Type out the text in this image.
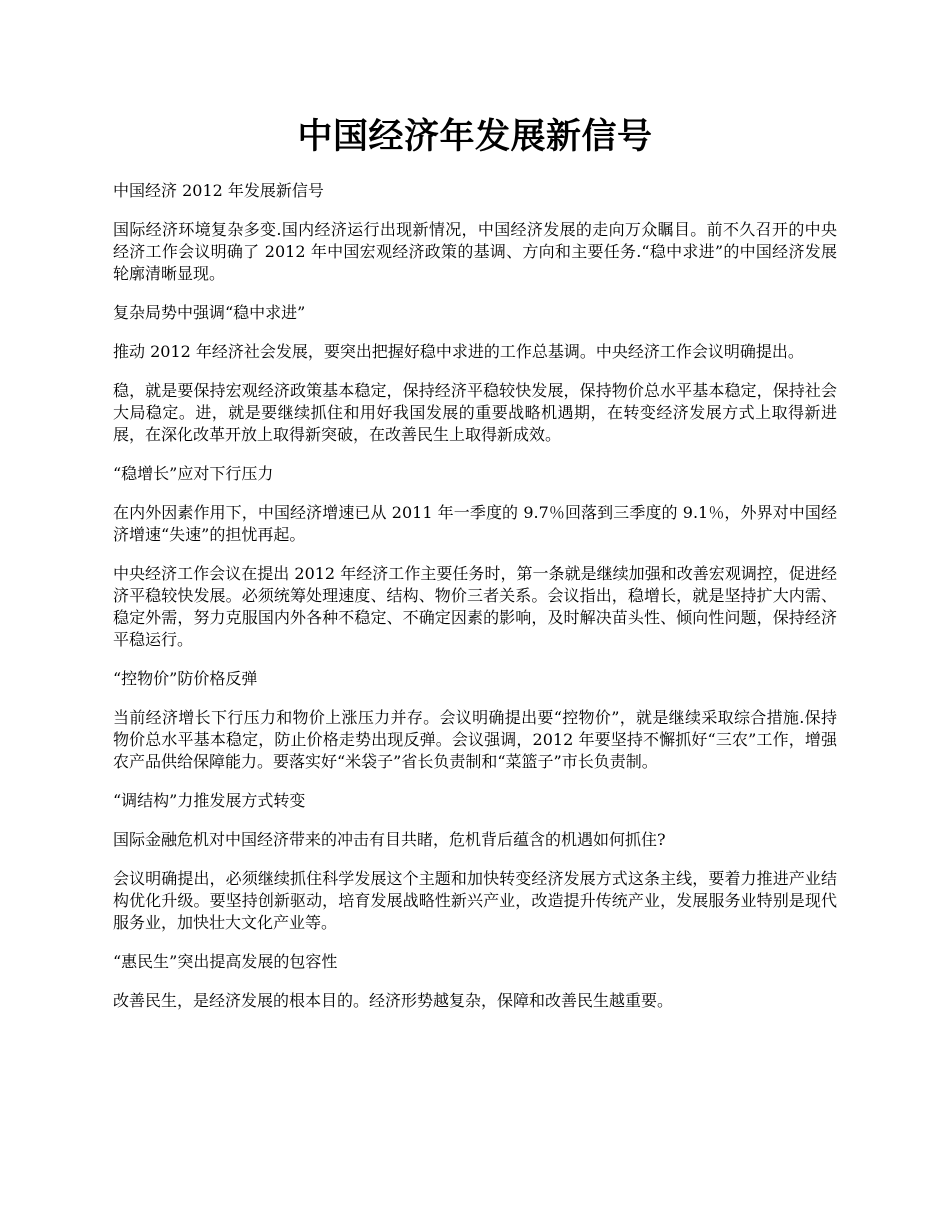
中国经济年发展新信号

中国经济 2012 年发展新信号

国际经济环境复杂多变.国内经济运行出现新情况，中国经济发展的走向万众瞩目。前不久召开的中央经济工作会议明确了 2012 年中国宏观经济政策的基调、方向和主要任务.“稳中求进”的中国经济发展轮廓清晰显现。

复杂局势中强调“稳中求进”

推动 2012 年经济社会发展，要突出把握好稳中求进的工作总基调。中央经济工作会议明确提出。

稳，就是要保持宏观经济政策基本稳定，保持经济平稳较快发展，保持物价总水平基本稳定，保持社会大局稳定。进，就是要继续抓住和用好我国发展的重要战略机遇期，在转变经济发展方式上取得新进展，在深化改革开放上取得新突破，在改善民生上取得新成效。

“稳增长”应对下行压力

在内外因素作用下，中国经济增速已从 2011 年一季度的 9.7％回落到三季度的 9.1％，外界对中国经济增速“失速”的担忧再起。

中央经济工作会议在提出 2012 年经济工作主要任务时，第一条就是继续加强和改善宏观调控，促进经济平稳较快发展。必须统筹处理速度、结构、物价三者关系。会议指出，稳增长，就是坚持扩大内需、稳定外需，努力克服国内外各种不稳定、不确定因素的影响，及时解决苗头性、倾向性问题，保持经济平稳运行。

“控物价”防价格反弹

当前经济增长下行压力和物价上涨压力并存。会议明确提出要“控物价”，就是继续采取综合措施.保持物价总水平基本稳定，防止价格走势出现反弹。会议强调，2012 年要坚持不懈抓好“三农”工作，增强农产品供给保障能力。要落实好“米袋子”省长负责制和“菜篮子”市长负责制。

“调结构”力推发展方式转变

国际金融危机对中国经济带来的冲击有目共睹，危机背后蕴含的机遇如何抓住?

会议明确提出，必须继续抓住科学发展这个主题和加快转变经济发展方式这条主线，要着力推进产业结构优化升级。要坚持创新驱动，培育发展战略性新兴产业，改造提升传统产业，发展服务业特别是现代服务业，加快壮大文化产业等。

“惠民生”突出提高发展的包容性

改善民生，是经济发展的根本目的。经济形势越复杂，保障和改善民生越重要。
